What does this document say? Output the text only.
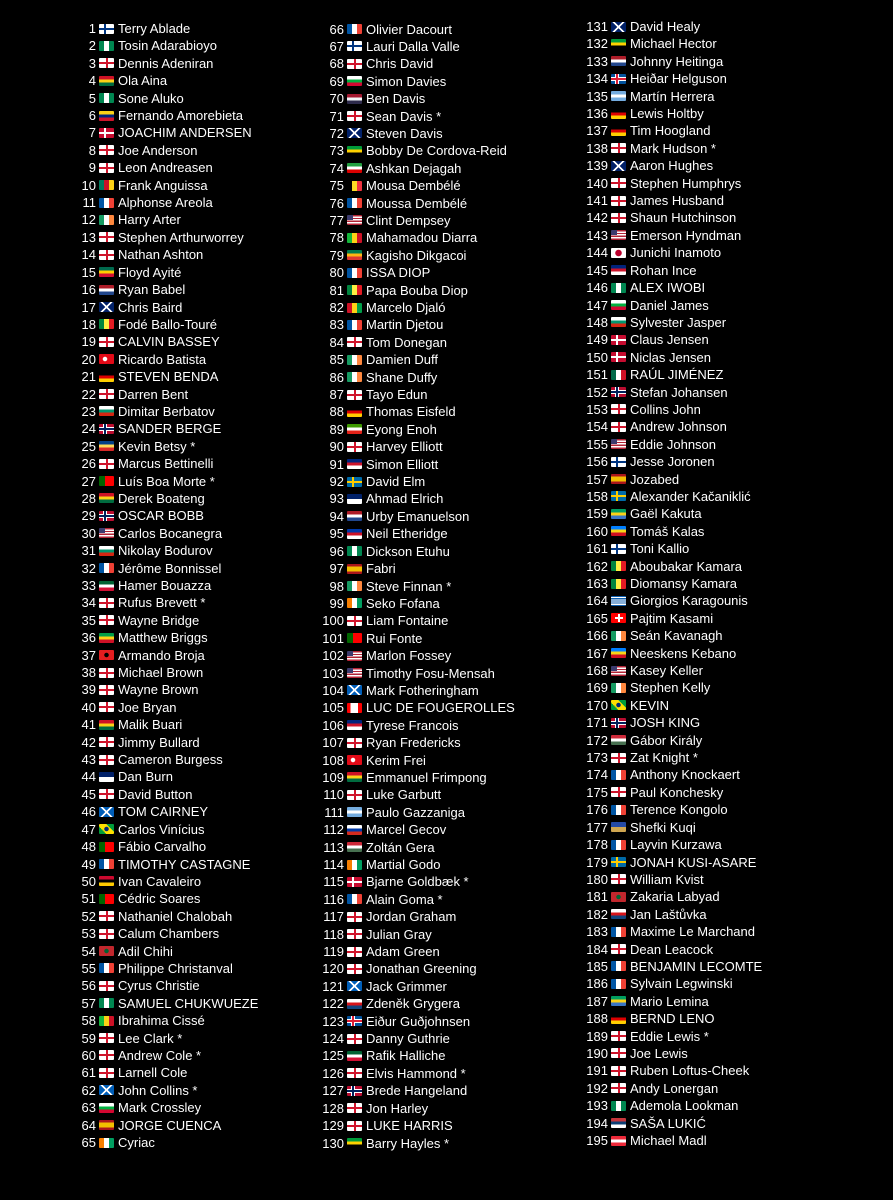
1 Terry Ablade
2 Tosin Adarabioyo
3 Dennis Adeniran
4 Ola Aina
5 Sone Aluko
6 Fernando Amorebieta
7 JOACHIM ANDERSEN
8 Joe Anderson
9 Leon Andreasen
10 Frank Anguissa
11 Alphonse Areola
12 Harry Arter
13 Stephen Arthurworrey
14 Nathan Ashton
15 Floyd Ayité
16 Ryan Babel
17 Chris Baird
18 Fodé Ballo-Touré
19 CALVIN BASSEY
20 Ricardo Batista
21 STEVEN BENDA
22 Darren Bent
23 Dimitar Berbatov
24 SANDER BERGE
25 Kevin Betsy *
26 Marcus Bettinelli
27 Luís Boa Morte *
28 Derek Boateng
29 OSCAR BOBB
30 Carlos Bocanegra
31 Nikolay Bodurov
32 Jérôme Bonnissel
33 Hamer Bouazza
34 Rufus Brevett *
35 Wayne Bridge
36 Matthew Briggs
37 Armando Broja
38 Michael Brown
39 Wayne Brown
40 Joe Bryan
41 Malik Buari
42 Jimmy Bullard
43 Cameron Burgess
44 Dan Burn
45 David Button
46 TOM CAIRNEY
47 Carlos Vinícius
48 Fábio Carvalho
49 TIMOTHY CASTAGNE
50 Ivan Cavaleiro
51 Cédric Soares
52 Nathaniel Chalobah
53 Calum Chambers
54 Adil Chihi
55 Philippe Christanval
56 Cyrus Christie
57 SAMUEL CHUKWUEZE
58 Ibrahima Cissé
59 Lee Clark *
60 Andrew Cole *
61 Larnell Cole
62 John Collins *
63 Mark Crossley
64 JORGE CUENCA
65 Cyriac
66 Olivier Dacourt
67 Lauri Dalla Valle
68 Chris David
69 Simon Davies
70 Ben Davis
71 Sean Davis *
72 Steven Davis
73 Bobby De Cordova-Reid
74 Ashkan Dejagah
75 Mousa Dembélé
76 Moussa Dembélé
77 Clint Dempsey
78 Mahamadou Diarra
79 Kagisho Dikgacoi
80 ISSA DIOP
81 Papa Bouba Diop
82 Marcelo Djaló
83 Martin Djetou
84 Tom Donegan
85 Damien Duff
86 Shane Duffy
87 Tayo Edun
88 Thomas Eisfeld
89 Eyong Enoh
90 Harvey Elliott
91 Simon Elliott
92 David Elm
93 Ahmad Elrich
94 Urby Emanuelson
95 Neil Etheridge
96 Dickson Etuhu
97 Fabri
98 Steve Finnan *
99 Seko Fofana
100 Liam Fontaine
101 Rui Fonte
102 Marlon Fossey
103 Timothy Fosu-Mensah
104 Mark Fotheringham
105 LUC DE FOUGEROLLES
106 Tyrese Francois
107 Ryan Fredericks
108 Kerim Frei
109 Emmanuel Frimpong
110 Luke Garbutt
111 Paulo Gazzaniga
112 Marcel Gecov
113 Zoltán Gera
114 Martial Godo
115 Bjarne Goldbæk *
116 Alain Goma *
117 Jordan Graham
118 Julian Gray
119 Adam Green
120 Jonathan Greening
121 Jack Grimmer
122 Zdeněk Grygera
123 Eiður Guðjohnsen
124 Danny Guthrie
125 Rafik Halliche
126 Elvis Hammond *
127 Brede Hangeland
128 Jon Harley
129 LUKE HARRIS
130 Barry Hayles *
131 David Healy
132 Michael Hector
133 Johnny Heitinga
134 Heiðar Helguson
135 Martín Herrera
136 Lewis Holtby
137 Tim Hoogland
138 Mark Hudson *
139 Aaron Hughes
140 Stephen Humphrys
141 James Husband
142 Shaun Hutchinson
143 Emerson Hyndman
144 Junichi Inamoto
145 Rohan Ince
146 ALEX IWOBI
147 Daniel James
148 Sylvester Jasper
149 Claus Jensen
150 Niclas Jensen
151 RAÚL JIMÉNEZ
152 Stefan Johansen
153 Collins John
154 Andrew Johnson
155 Eddie Johnson
156 Jesse Joronen
157 Jozabed
158 Alexander Kačaniklić
159 Gaël Kakuta
160 Tomáš Kalas
161 Toni Kallio
162 Aboubakar Kamara
163 Diomansy Kamara
164 Giorgios Karagounis
165 Pajtim Kasami
166 Seán Kavanagh
167 Neeskens Kebano
168 Kasey Keller
169 Stephen Kelly
170 KEVIN
171 JOSH KING
172 Gábor Király
173 Zat Knight *
174 Anthony Knockaert
175 Paul Konchesky
176 Terence Kongolo
177 Shefki Kuqi
178 Layvin Kurzawa
179 JONAH KUSI-ASARE
180 William Kvist
181 Zakaria Labyad
182 Jan Laštůvka
183 Maxime Le Marchand
184 Dean Leacock
185 BENJAMIN LECOMTE
186 Sylvain Legwinski
187 Mario Lemina
188 BERND LENO
189 Eddie Lewis *
190 Joe Lewis
191 Ruben Loftus-Cheek
192 Andy Lonergan
193 Ademola Lookman
194 SAŠA LUKIĆ
195 Michael Madl
